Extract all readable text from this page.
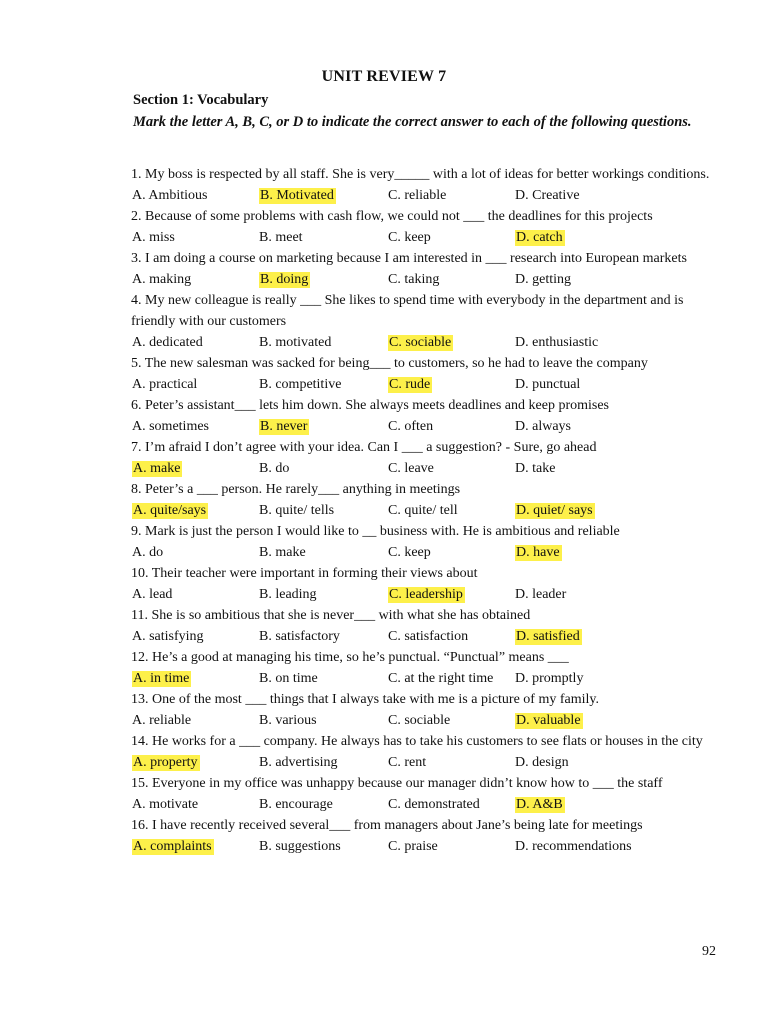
UNIT REVIEW 7
Section 1: Vocabulary
Mark the letter A, B, C, or D to indicate the correct answer to each of the following questions.
1. My boss is respected by all staff. She is very_____ with a lot of ideas for better workings conditions.
A. Ambitious	B. Motivated	C. reliable	D. Creative
2. Because of some problems with cash flow, we could not ___ the deadlines for this projects
A. miss	B. meet	C. keep	D. catch
3. I am doing a course on marketing because I am interested in ___ research into European markets
A. making	B. doing	C. taking	D. getting
4. My new colleague is really ___ She likes to spend time with everybody in the department and is friendly with our customers
A. dedicated	B. motivated	C. sociable	D. enthusiastic
5. The new salesman was sacked for being___ to customers, so he had to leave the company
A. practical	B. competitive	C. rude	D. punctual
6. Peter’s assistant___ lets him down. She always meets deadlines and keep promises
A. sometimes	B. never	C. often	D. always
7. I’m afraid I don’t agree with your idea. Can I ___ a suggestion? - Sure, go ahead
A. make	B. do	C. leave	D. take
8. Peter’s a ___ person. He rarely___ anything in meetings
A. quite/says	B. quite/ tells	C. quite/ tell	D. quiet/ says
9. Mark is just the person I would like to __ business with. He is ambitious and reliable
A. do	B. make	C. keep	D. have
10. Their teacher were important in forming their views about
A. lead	B. leading	C. leadership	D. leader
11. She is so ambitious that she is never___ with what she has obtained
A. satisfying	B. satisfactory	C. satisfaction	D. satisfied
12. He’s a good at managing his time, so he’s punctual. “Punctual” means ___
A. in time	B. on time	C. at the right time D. promptly
13. One of the most ___ things that I always take with me is a picture of my family.
A. reliable	B. various	C. sociable	D. valuable
14. He works for a ___ company. He always has to take his customers to see flats or houses in the city
A. property	B. advertising	C. rent	D. design
15. Everyone in my office was unhappy because our manager didn’t know how to ___ the staff
A. motivate	B. encourage	C. demonstrated	D. A&B
16. I have recently received several___ from managers about Jane’s being late for meetings
A. complaints	B. suggestions	C. praise	D. recommendations
92
